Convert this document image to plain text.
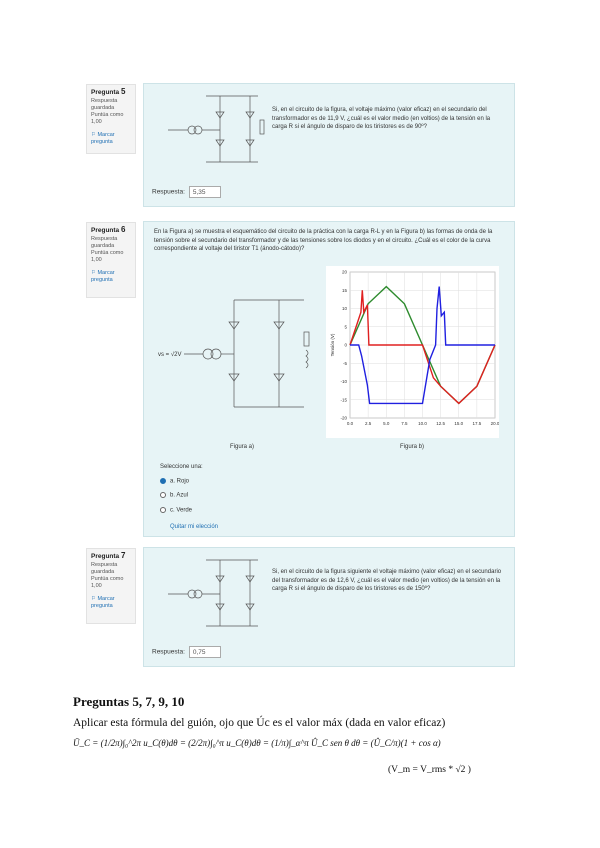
Pregunta 5
Respuesta guardada
Puntúa como 1,00
⚐ Marcar pregunta
Si, en el circuito de la figura, el voltaje máximo (valor eficaz) en el secundario del transformador es de 11,9 V, ¿cuál es el valor medio (en voltios) de la tensión en la carga R si el ángulo de disparo de los tiristores es de 90º?
Respuesta: 5,35
Pregunta 6
Respuesta guardada
Puntúa como 1,00
⚐ Marcar pregunta
En la Figura a) se muestra el esquemático del circuito de la práctica con la carga R-L y en la Figura b) las formas de onda de la tensión sobre el secundario del transformador y de las tensiones sobre los diodos y en el circuito. ¿Cuál es el color de la curva correspondiente al voltaje del tiristor T1 (ánodo-cátodo)?
vs = √2V
Figura a)	Figura b)
Seleccione una:
a. Rojo
b. Azul
c. Verde
Quitar mi elección
0.0	2.5	5.0	7.5 10.0 12.5 15.0 17.5 20.0
20
15
10
5
0
-5
-10
-15
-20
Tensión (V)
Pregunta 7
Respuesta guardada
Puntúa como 1,00
⚐ Marcar pregunta
Si, en el circuito de la figura siguiente el voltaje máximo (valor eficaz) en el secundario del transformador es de 12,6 V, ¿cuál es el valor medio (en voltios) de la tensión en la carga R si el ángulo de disparo de los tiristores es de 150º?
Respuesta: 0,75
Preguntas 5, 7, 9, 10
Aplicar esta fórmula del guión, ojo que Úc es el valor máx (dada en valor eficaz)
Ū_C = (1/2π)∫₀^2π u_C(θ)dθ = (2/2π)∫₀^π u_C(θ)dθ = (1/π)∫_α^π Û_C sen θ dθ = (Û_C/π)(1 + cos α)
(V_m = V_rms * √2 )
